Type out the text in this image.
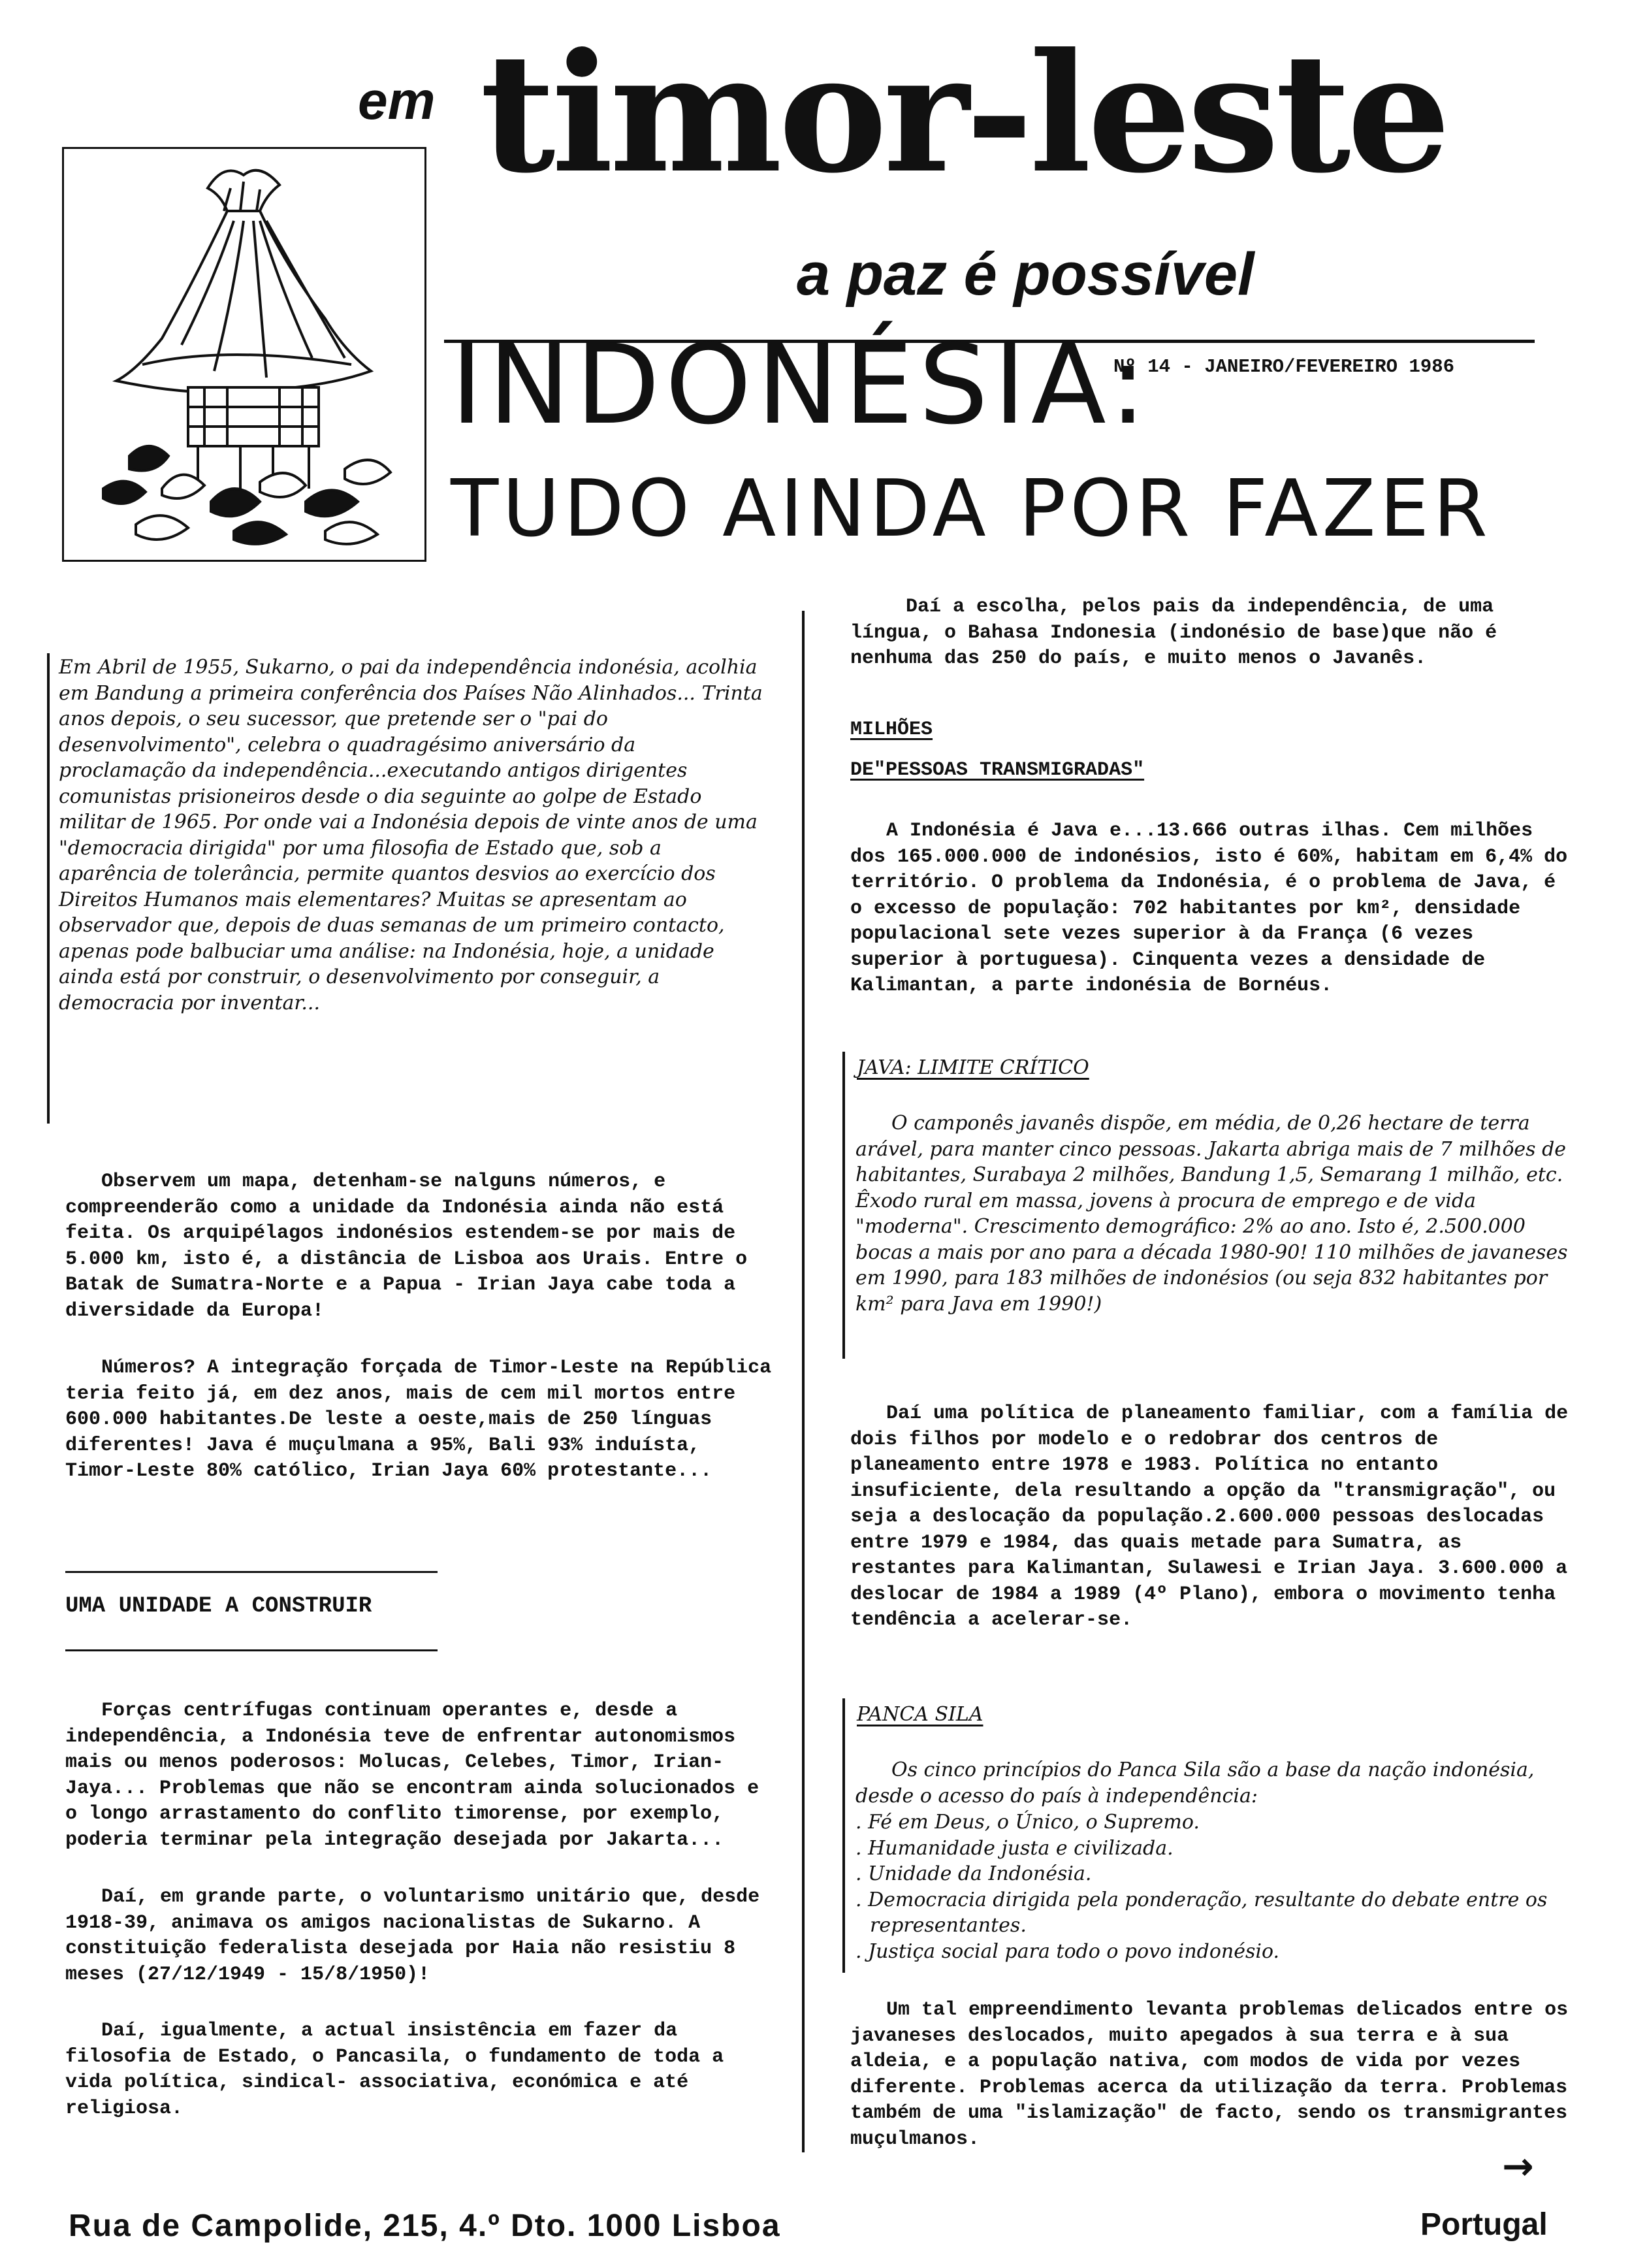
em timor-leste
a paz é possível
INDONÉSIA:
Nº 14 - JANEIRO/FEVEREIRO 1986
TUDO AINDA POR FAZER

Em Abril de 1955, Sukarno, o pai da independência indonésia, acolhia em Bandung a primeira conferência dos Países Não Alinhados... Trinta anos depois, o seu sucessor, que pretende ser o "pai do desenvolvimento", celebra o quadragésimo aniversário da proclamação da independência...executando antigos dirigentes comunistas prisioneiros desde o dia seguinte ao golpe de Estado militar de 1965. Por onde vai a Indonésia depois de vinte anos de uma "democracia dirigida" por uma filosofia de Estado que, sob a aparência de tolerância, permite quantos desvios ao exercício dos Direitos Humanos mais elementares? Muitas se apresentam ao observador que, depois de duas semanas de um primeiro contacto, apenas pode balbuciar uma análise: na Indonésia, hoje, a unidade ainda está por construir, o desenvolvimento por conseguir, a democracia por inventar...

Observem um mapa, detenham-se nalguns números, e compreenderão como a unidade da Indonésia ainda não está feita. Os arquipélagos indonésios estendem-se por mais de 5.000 km, isto é, a distância de Lisboa aos Urais. Entre o Batak de Sumatra-Norte e a Papua - Irian Jaya cabe toda a diversidade da Europa!

Números? A integração forçada de Timor-Leste na República teria feito já, em dez anos, mais de cem mil mortos entre 600.000 habitantes.De leste a oeste,mais de 250 línguas diferentes! Java é muçulmana a 95%, Bali 93% induísta, Timor-Leste 80% católico, Irian Jaya 60% protestante...

UMA UNIDADE A CONSTRUIR

Forças centrífugas continuam operantes e, desde a independência, a Indonésia teve de enfrentar autonomismos mais ou menos poderosos: Molucas, Celebes, Timor, Irian-Jaya... Problemas que não se encontram ainda solucionados e o longo arrastamento do conflito timorense, por exemplo, poderia terminar pela integração desejada por Jakarta...

Daí, em grande parte, o voluntarismo unitário que, desde 1918-39, animava os amigos nacionalistas de Sukarno. A constituição federalista desejada por Haia não resistiu 8 meses (27/12/1949 - 15/8/1950)!

Daí, igualmente, a actual insistência em fazer da filosofia de Estado, o Pancasila, o fundamento de toda a vida política, sindical- associativa, económica e até religiosa.

Daí a escolha, pelos pais da independência, de uma língua, o Bahasa Indonesia (indonésio de base)que não é nenhuma das 250 do país, e muito menos o Javanês.

MILHÕES
DE"PESSOAS TRANSMIGRADAS"

A Indonésia é Java e...13.666 outras ilhas. Cem milhões dos 165.000.000 de indonésios, isto é 60%, habitam em 6,4% do território. O problema da Indonésia, é o problema de Java, é o excesso de população: 702 habitantes por km², densidade populacional sete vezes superior à da França (6 vezes superior à portuguesa). Cinquenta vezes a densidade de Kalimantan, a parte indonésia de Bornéus.

JAVA: LIMITE CRÍTICO

O camponês javanês dispõe, em média, de 0,26 hectare de terra arável, para manter cinco pessoas. Jakarta abriga mais de 7 milhões de habitantes, Surabaya 2 milhões, Bandung 1,5, Semarang 1 milhão, etc. Êxodo rural em massa, jovens à procura de emprego e de vida "moderna". Crescimento demográfico: 2% ao ano. Isto é, 2.500.000 bocas a mais por ano para a década 1980-90! 110 milhões de javaneses em 1990, para 183 milhões de indonésios (ou seja 832 habitantes por km² para Java em 1990!)

Daí uma política de planeamento familiar, com a família de dois filhos por modelo e o redobrar dos centros de planeamento entre 1978 e 1983. Política no entanto insuficiente, dela resultando a opção da "transmigração", ou seja a deslocação da população.2.600.000 pessoas deslocadas entre 1979 e 1984, das quais metade para Sumatra, as restantes para Kalimantan, Sulawesi e Irian Jaya. 3.600.000 a deslocar de 1984 a 1989 (4º Plano), embora o movimento tenha tendência a acelerar-se.

PANCA SILA

Os cinco princípios do Panca Sila são a base da nação indonésia, desde o acesso do país à independência:

. Fé em Deus, o Único, o Supremo.
. Humanidade justa e civilizada.
. Unidade da Indonésia.
. Democracia dirigida pela ponderação, resultante do debate entre os representantes.
. Justiça social para todo o povo indonésio.

Um tal empreendimento levanta problemas delicados entre os javaneses deslocados, muito apegados à sua terra e à sua aldeia, e a população nativa, com modos de vida por vezes diferente. Problemas acerca da utilização da terra. Problemas também de uma "islamização" de facto, sendo os transmigrantes muçulmanos.

→
Rua de Campolide, 215, 4.º Dto. 1000 Lisboa	Portugal
